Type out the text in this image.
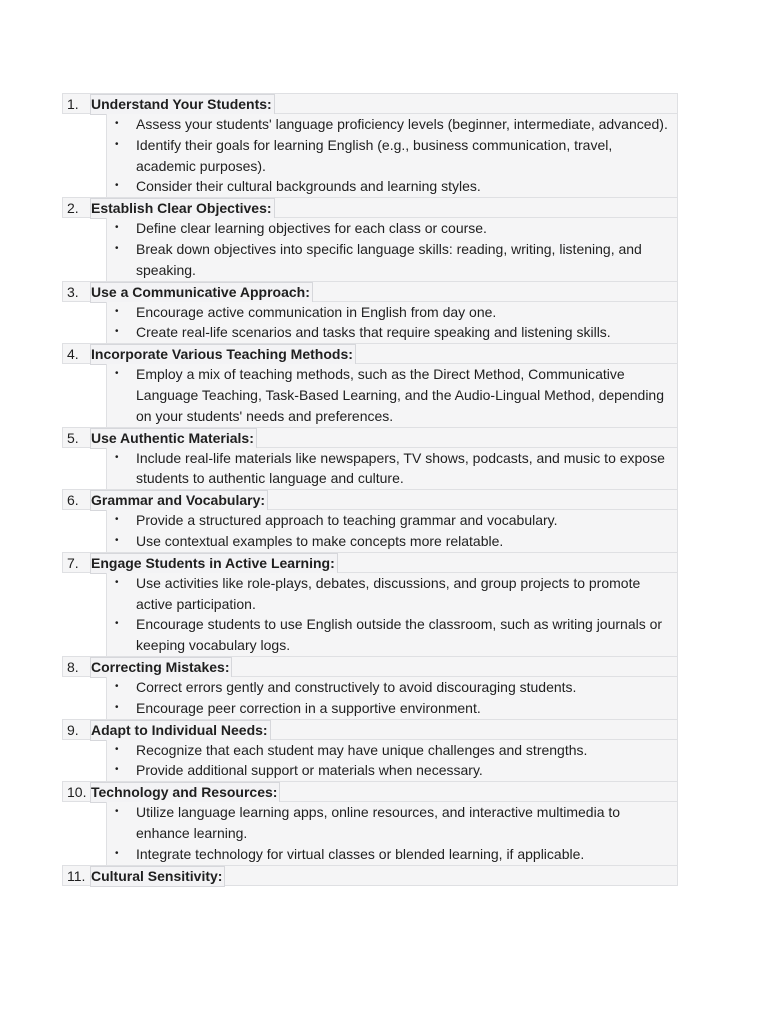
1. Understand Your Students:
• Assess your students' language proficiency levels (beginner, intermediate, advanced).
• Identify their goals for learning English (e.g., business communication, travel, academic purposes).
• Consider their cultural backgrounds and learning styles.
2. Establish Clear Objectives:
• Define clear learning objectives for each class or course.
• Break down objectives into specific language skills: reading, writing, listening, and speaking.
3. Use a Communicative Approach:
• Encourage active communication in English from day one.
• Create real-life scenarios and tasks that require speaking and listening skills.
4. Incorporate Various Teaching Methods:
• Employ a mix of teaching methods, such as the Direct Method, Communicative Language Teaching, Task-Based Learning, and the Audio-Lingual Method, depending on your students' needs and preferences.
5. Use Authentic Materials:
• Include real-life materials like newspapers, TV shows, podcasts, and music to expose students to authentic language and culture.
6. Grammar and Vocabulary:
• Provide a structured approach to teaching grammar and vocabulary.
• Use contextual examples to make concepts more relatable.
7. Engage Students in Active Learning:
• Use activities like role-plays, debates, discussions, and group projects to promote active participation.
• Encourage students to use English outside the classroom, such as writing journals or keeping vocabulary logs.
8. Correcting Mistakes:
• Correct errors gently and constructively to avoid discouraging students.
• Encourage peer correction in a supportive environment.
9. Adapt to Individual Needs:
• Recognize that each student may have unique challenges and strengths.
• Provide additional support or materials when necessary.
10. Technology and Resources:
• Utilize language learning apps, online resources, and interactive multimedia to enhance learning.
• Integrate technology for virtual classes or blended learning, if applicable.
11. Cultural Sensitivity:
